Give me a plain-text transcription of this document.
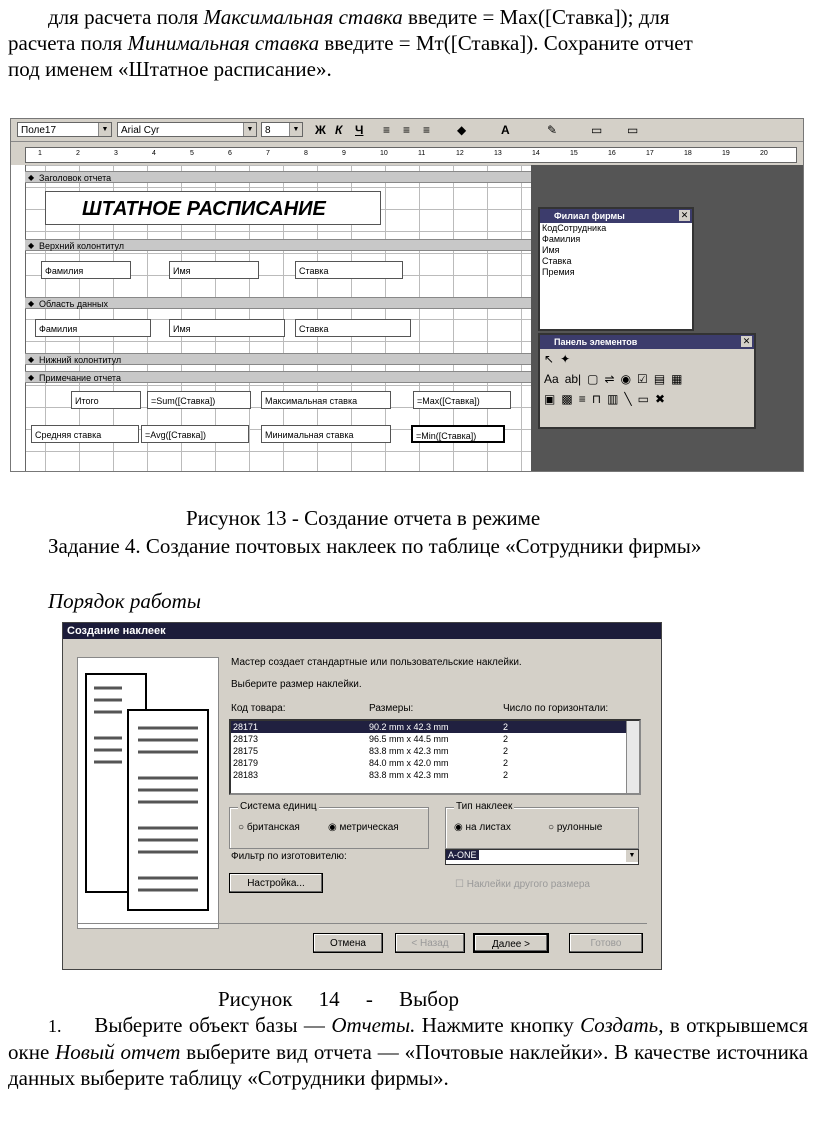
для расчета поля Максимальная ставка введите = Max([Ставка]); для
расчета поля Минимальная ставка введите = Mт([Ставка]). Сохраните отчет
под именем «Штатное расписание».
Поле17	▼	Arial Cyr	▼	8	▼ Ж К Ч ≡ ≡ ≡ ◆	A	✎	▭ ▭
1	2	3	4	5	6	7	8	9	10	11	12	13	14	15	16	17	18	19	20
◆ Заголовок отчета
ШТАТНОЕ РАСПИСАНИЕ
◆ Верхний колонтитул
Фамилия	Имя	Ставка
◆ Область данных
Фамилия	Имя	Ставка
◆ Нижний колонтитул
◆ Примечание отчета
Итого	=Sum([Ставка])	Максимальная ставка	=Max([Ставка])
Средняя ставка	=Avg([Ставка])	Минимальная ставка	=Min([Ставка])
Филиал фирмы	✕
КодСотрудника
Фамилия
Имя
Ставка
Премия
Панель элементов	✕
↖ ✦
Aa ab| ▢ ⇌ ◉ ☑ ▤ ▦
▣ ▩ ≡ ⊓ ▥ ╲ ▭ ✖
Рисунок 13 - Создание отчета в режиме
Задание 4. Создание почтовых наклеек по таблице «Сотрудники фирмы»
Порядок работы
Создание наклеек
Мастер создает стандартные или пользовательские наклейки.
Выберите размер наклейки.
Код товара:	Размеры:	Число по горизонтали:
28171	90.2 mm x 42.3 mm	2
28173	96.5 mm x 44.5 mm	2
28175	83.8 mm x 42.3 mm	2
28179	84.0 mm x 42.0 mm	2
28183	83.8 mm x 42.3 mm	2
Система единиц
○ британская	◉ метрическая
Тип наклеек
◉ на листах	○ рулонные
Фильтр по изготовителю:	A-ONE	▼
Настройка...	☐ Наклейки другого размера
Отмена	< Назад	Далее >	Готово
Рисунок     14     -     Выбор
1. Выберите объект базы — Отчеты. Нажмите кнопку Создать, в открывшемся окне Новый отчет выберите вид отчета — «Почтовые наклейки». В качестве источника данных выберите таблицу «Сотрудники фирмы».
